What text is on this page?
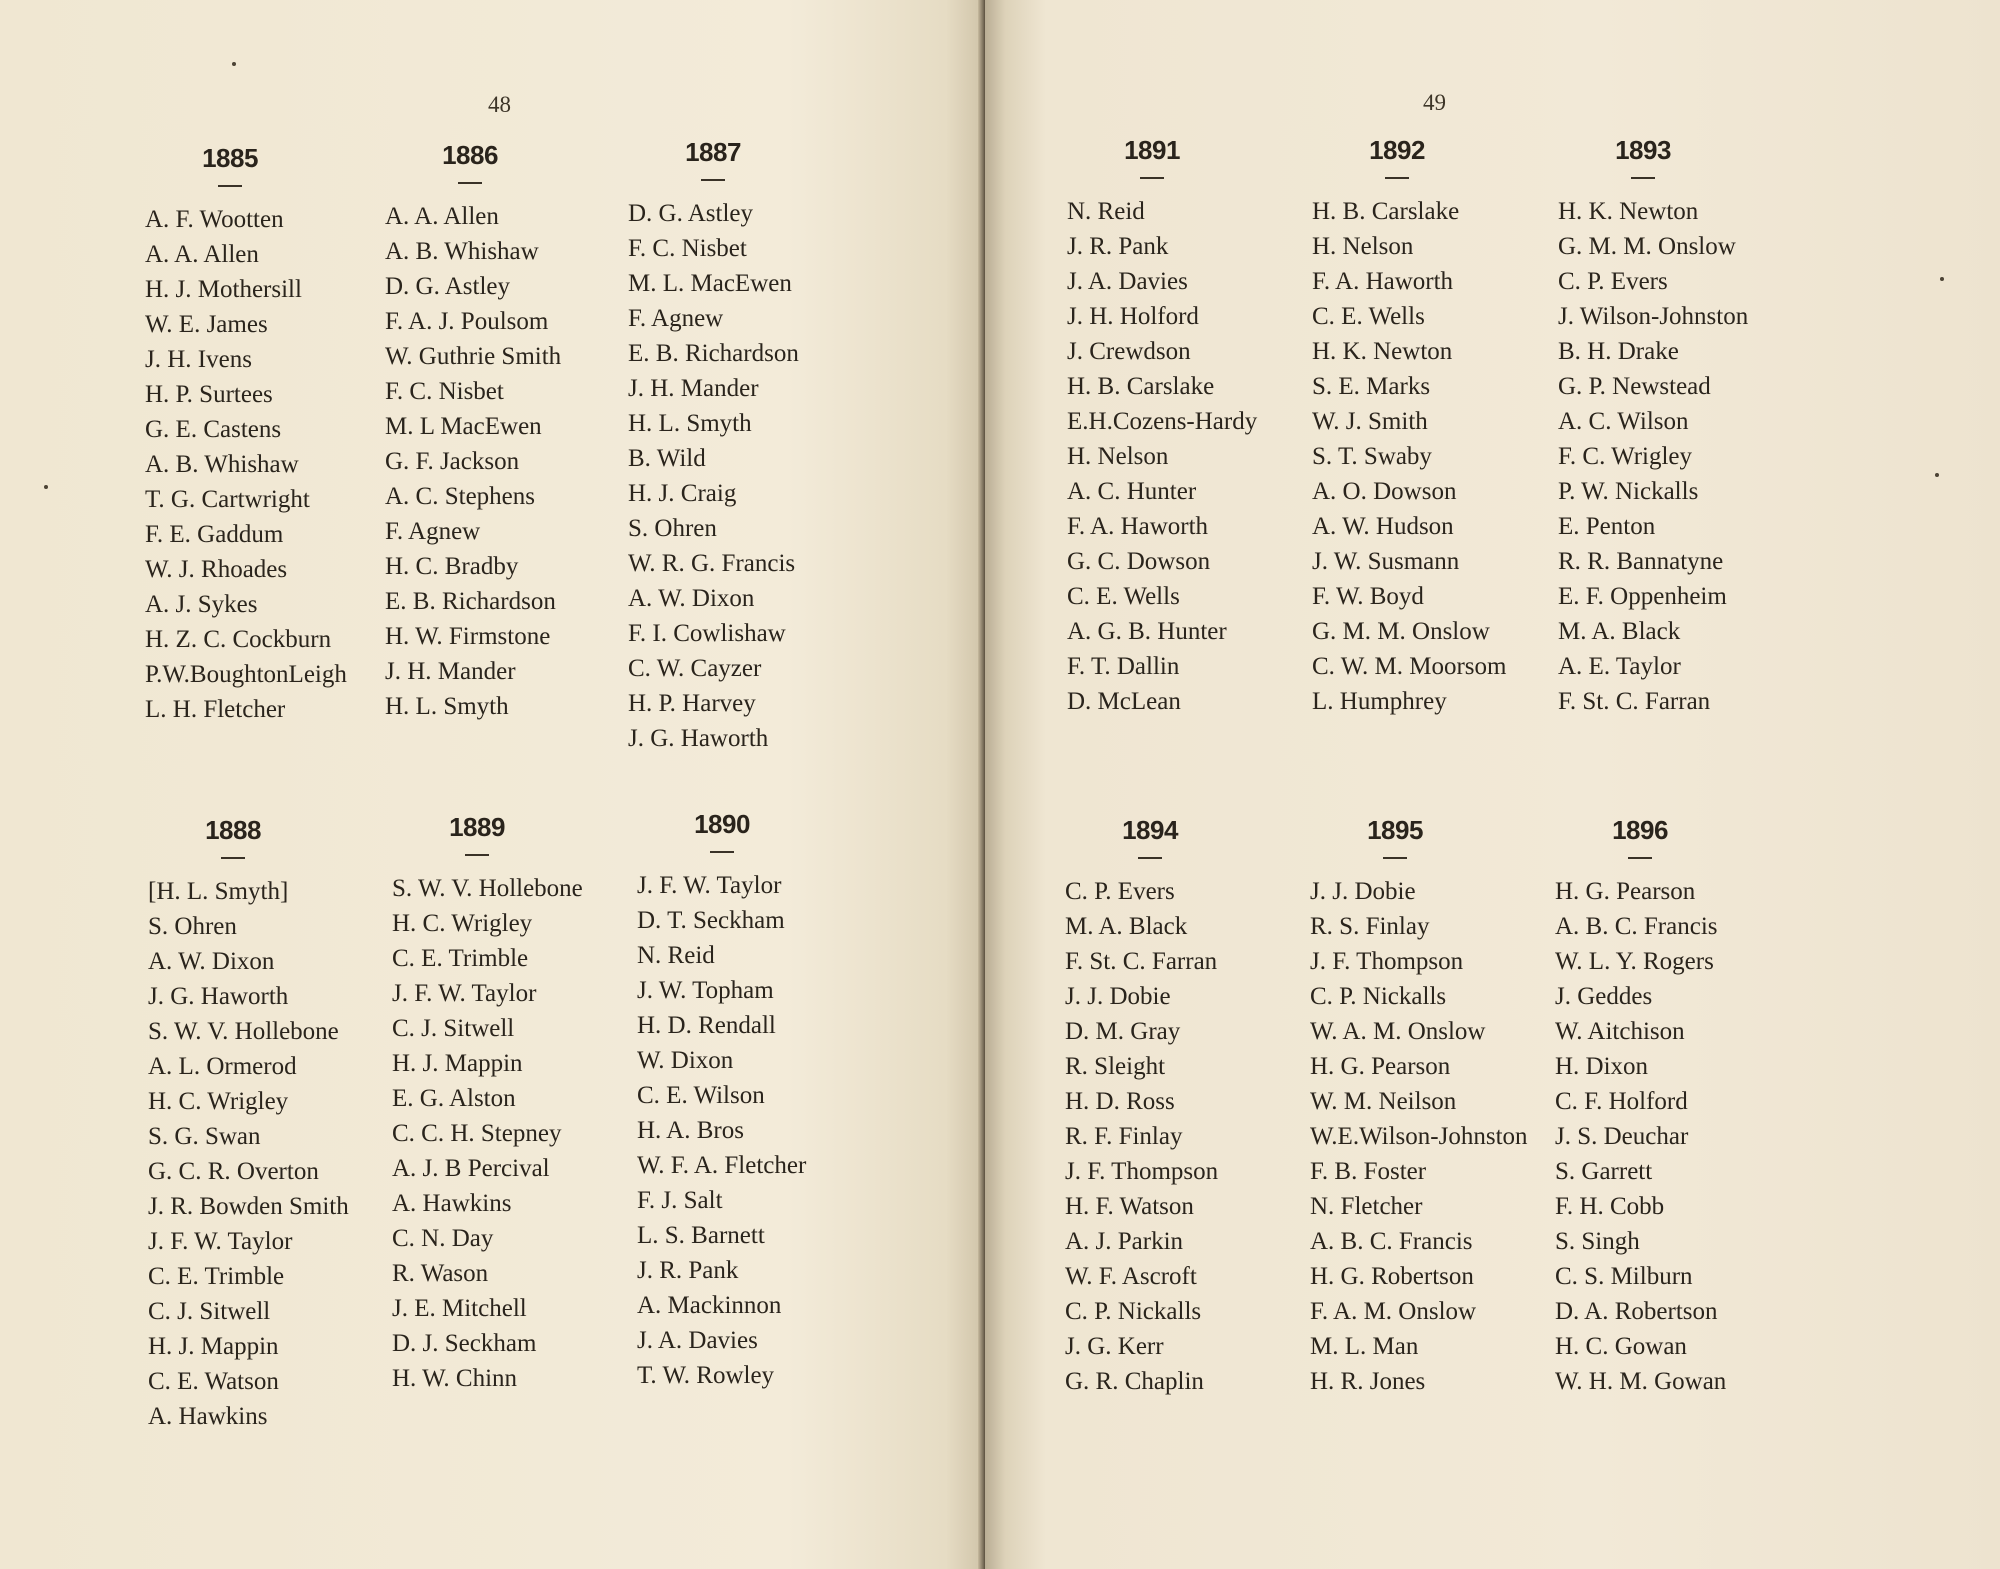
48
1885
A. F. Wootten
A. A. Allen
H. J. Mothersill
W. E. James
J. H. Ivens
H. P. Surtees
G. E. Castens
A. B. Whishaw
T. G. Cartwright
F. E. Gaddum
W. J. Rhoades
A. J. Sykes
H. Z. C. Cockburn
P.W.BoughtonLeigh
L. H. Fletcher
1886
A. A. Allen
A. B. Whishaw
D. G. Astley
F. A. J. Poulsom
W. Guthrie Smith
F. C. Nisbet
M. L MacEwen
G. F. Jackson
A. C. Stephens
F. Agnew
H. C. Bradby
E. B. Richardson
H. W. Firmstone
J. H. Mander
H. L. Smyth
1887
D. G. Astley
F. C. Nisbet
M. L. MacEwen
F. Agnew
E. B. Richardson
J. H. Mander
H. L. Smyth
B. Wild
H. J. Craig
S. Ohren
W. R. G. Francis
A. W. Dixon
F. I. Cowlishaw
C. W. Cayzer
H. P. Harvey
J. G. Haworth
1888
[H. L. Smyth]
S. Ohren
A. W. Dixon
J. G. Haworth
S. W. V. Hollebone
A. L. Ormerod
H. C. Wrigley
S. G. Swan
G. C. R. Overton
J. R. Bowden Smith
J. F. W. Taylor
C. E. Trimble
C. J. Sitwell
H. J. Mappin
C. E. Watson
A. Hawkins
1889
S. W. V. Hollebone
H. C. Wrigley
C. E. Trimble
J. F. W. Taylor
C. J. Sitwell
H. J. Mappin
E. G. Alston
C. C. H. Stepney
A. J. B Percival
A. Hawkins
C. N. Day
R. Wason
J. E. Mitchell
D. J. Seckham
H. W. Chinn
1890
J. F. W. Taylor
D. T. Seckham
N. Reid
J. W. Topham
H. D. Rendall
W. Dixon
C. E. Wilson
H. A. Bros
W. F. A. Fletcher
F. J. Salt
L. S. Barnett
J. R. Pank
A. Mackinnon
J. A. Davies
T. W. Rowley
49
1891
N. Reid
J. R. Pank
J. A. Davies
J. H. Holford
J. Crewdson
H. B. Carslake
E.H.Cozens-Hardy
H. Nelson
A. C. Hunter
F. A. Haworth
G. C. Dowson
C. E. Wells
A. G. B. Hunter
F. T. Dallin
D. McLean
1892
H. B. Carslake
H. Nelson
F. A. Haworth
C. E. Wells
H. K. Newton
S. E. Marks
W. J. Smith
S. T. Swaby
A. O. Dowson
A. W. Hudson
J. W. Susmann
F. W. Boyd
G. M. M. Onslow
C. W. M. Moorsom
L. Humphrey
1893
H. K. Newton
G. M. M. Onslow
C. P. Evers
J. Wilson-Johnston
B. H. Drake
G. P. Newstead
A. C. Wilson
F. C. Wrigley
P. W. Nickalls
E. Penton
R. R. Bannatyne
E. F. Oppenheim
M. A. Black
A. E. Taylor
F. St. C. Farran
1894
C. P. Evers
M. A. Black
F. St. C. Farran
J. J. Dobie
D. M. Gray
R. Sleight
H. D. Ross
R. F. Finlay
J. F. Thompson
H. F. Watson
A. J. Parkin
W. F. Ascroft
C. P. Nickalls
J. G. Kerr
G. R. Chaplin
1895
J. J. Dobie
R. S. Finlay
J. F. Thompson
C. P. Nickalls
W. A. M. Onslow
H. G. Pearson
W. M. Neilson
W.E.Wilson-Johnston
F. B. Foster
N. Fletcher
A. B. C. Francis
H. G. Robertson
F. A. M. Onslow
M. L. Man
H. R. Jones
1896
H. G. Pearson
A. B. C. Francis
W. L. Y. Rogers
J. Geddes
W. Aitchison
H. Dixon
C. F. Holford
J. S. Deuchar
S. Garrett
F. H. Cobb
S. Singh
C. S. Milburn
D. A. Robertson
H. C. Gowan
W. H. M. Gowan
